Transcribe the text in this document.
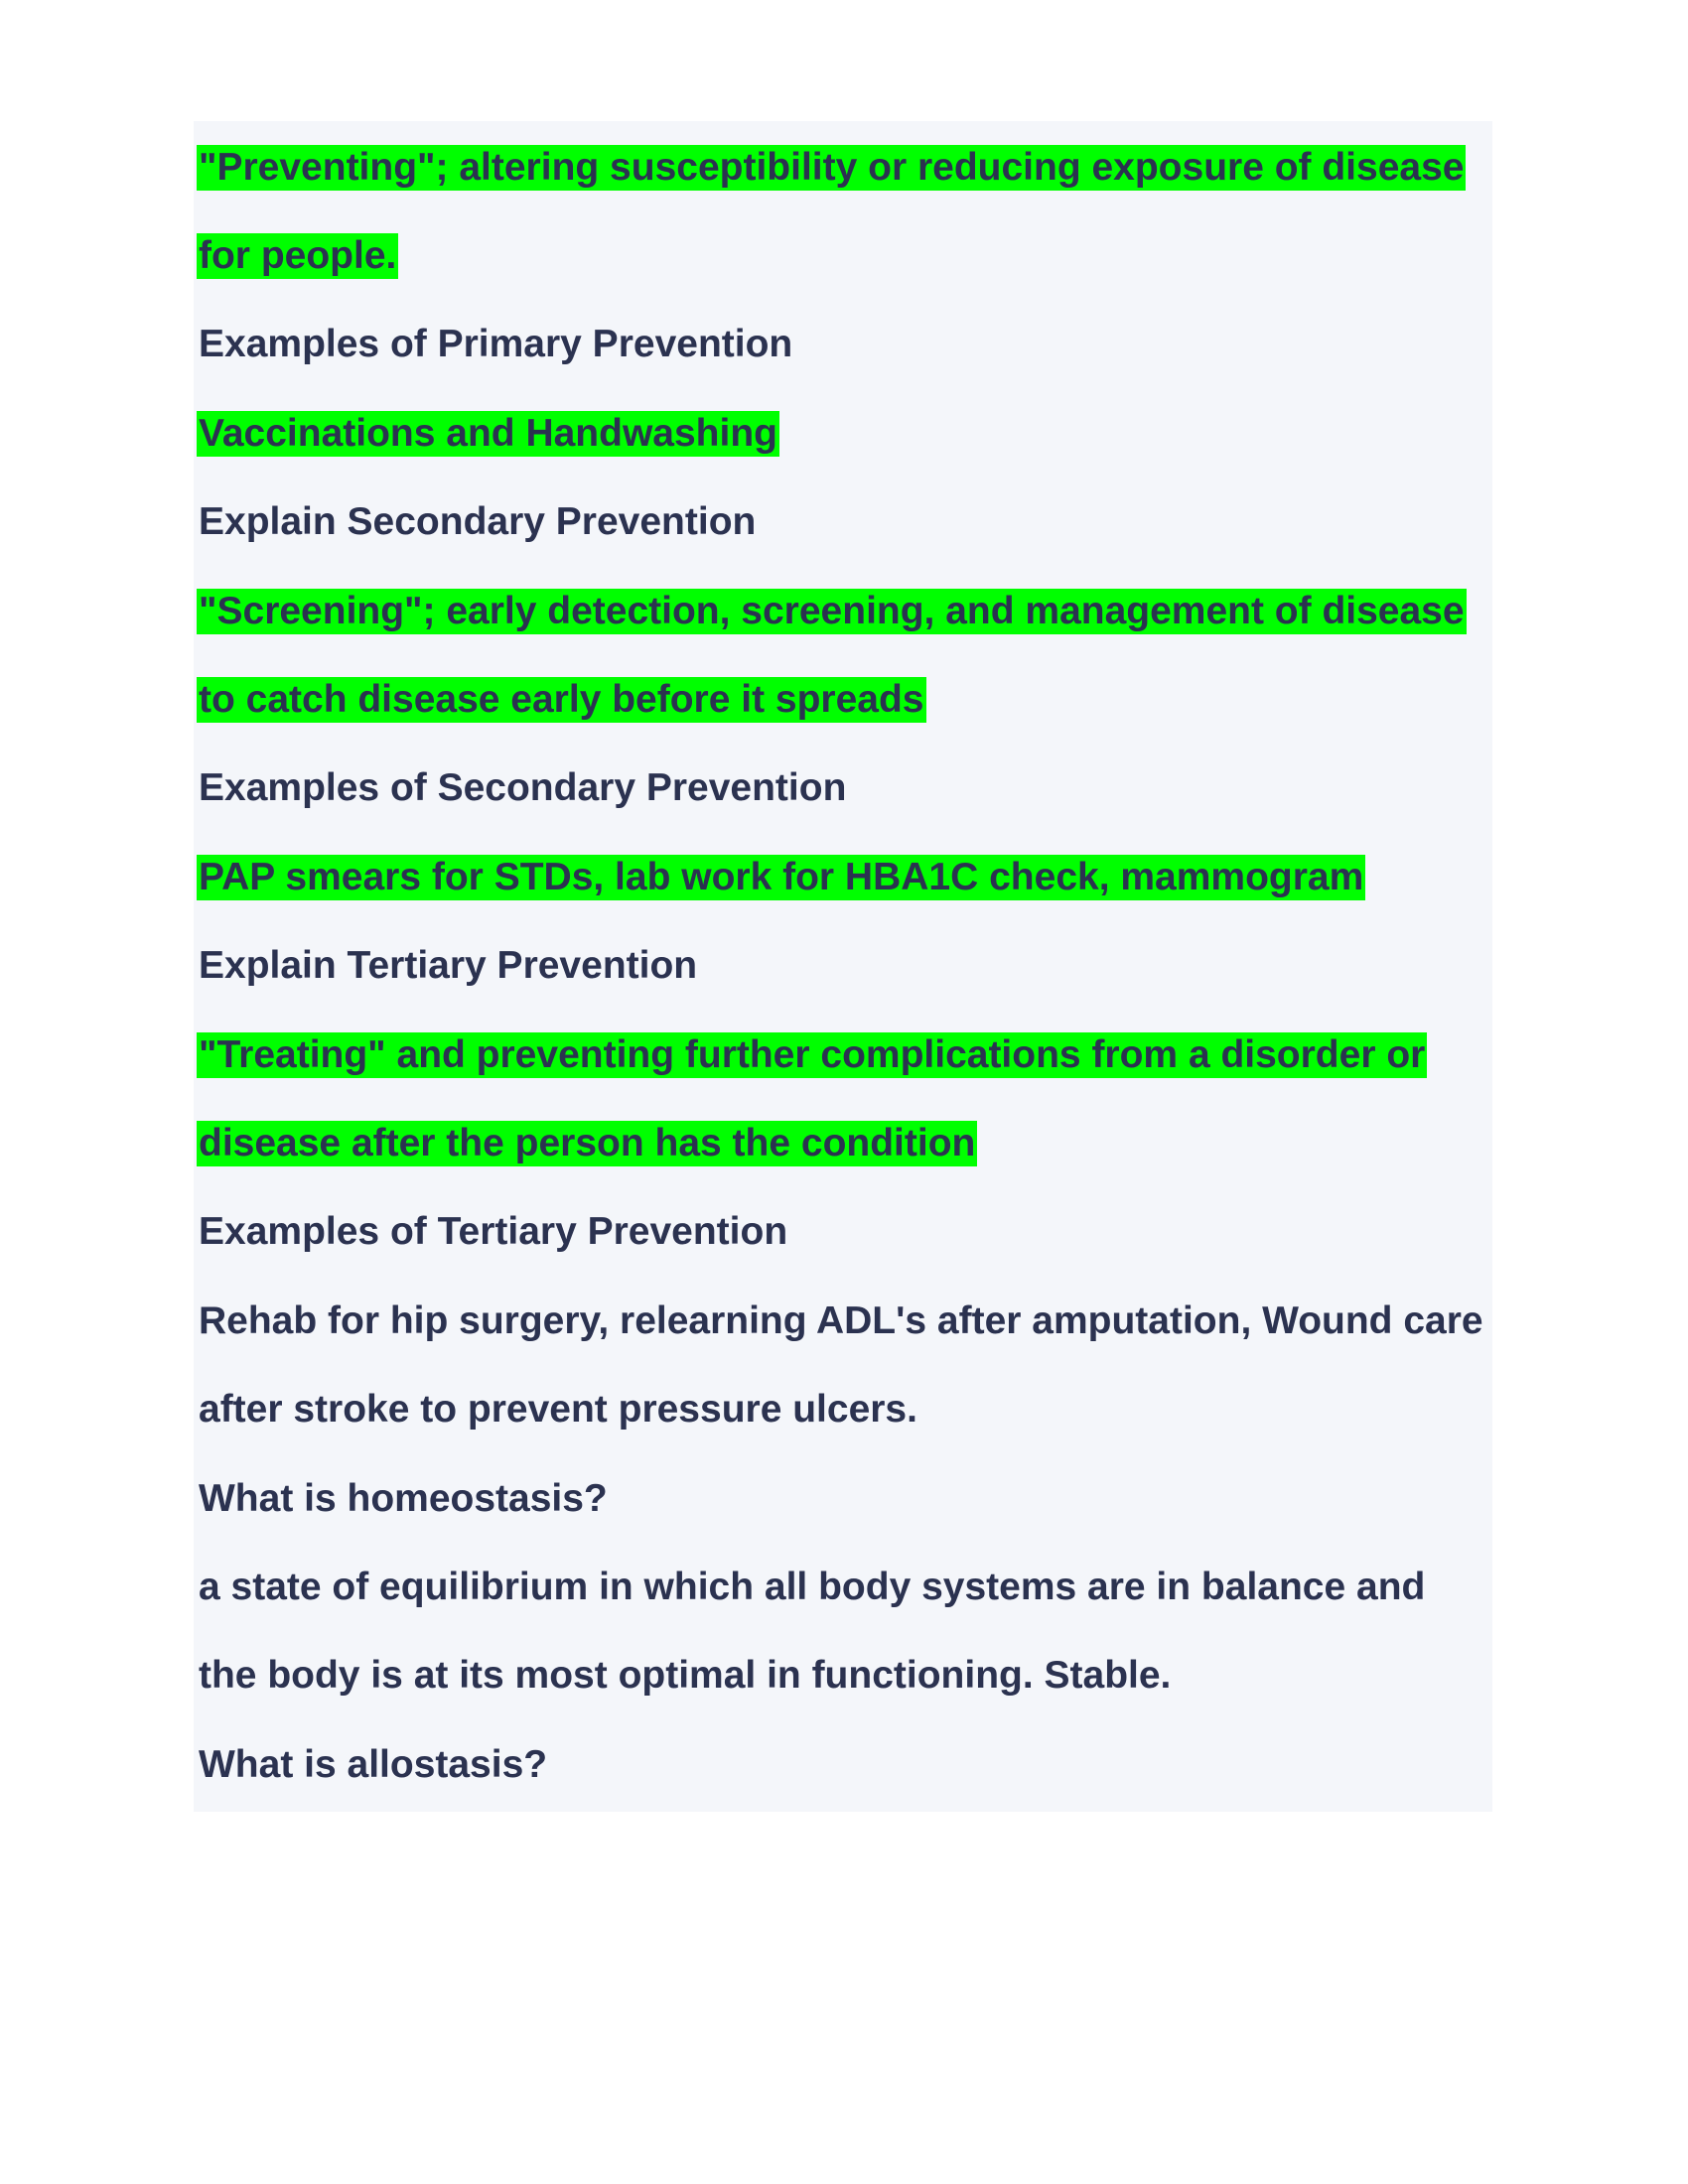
"Preventing"; altering susceptibility or reducing exposure of disease
for people.
Examples of Primary Prevention
Vaccinations and Handwashing
Explain Secondary Prevention
"Screening"; early detection, screening, and management of disease
to catch disease early before it spreads
Examples of Secondary Prevention
PAP smears for STDs, lab work for HBA1C check, mammogram
Explain Tertiary Prevention
"Treating" and preventing further complications from a disorder or
disease after the person has the condition
Examples of Tertiary Prevention
Rehab for hip surgery, relearning ADL's after amputation, Wound care
after stroke to prevent pressure ulcers.
What is homeostasis?
a state of equilibrium in which all body systems are in balance and
the body is at its most optimal in functioning. Stable.
What is allostasis?
